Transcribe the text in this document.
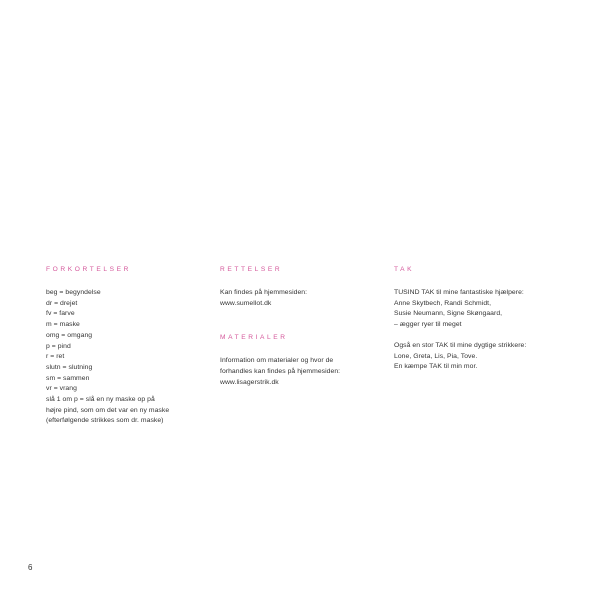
FORKORTELSER
beg = begyndelse
dr = drejet
fv = farve
m = maske
omg = omgang
p = pind
r = ret
slutn = slutning
sm = sammen
vr = vrang
slå 1 om p = slå en ny maske op på
højre pind, som om det var en ny maske
(efterfølgende strikkes som dr. maske)
RETTELSER
Kan findes på hjemmesiden:
www.sumellot.dk
MATERIALER
Information om materialer og hvor de
forhandles kan findes på hjemmesiden:
www.lisagerstrik.dk
TAK
TUSIND TAK til mine fantastiske hjælpere:
Anne Skytbech, Randi Schmidt,
Susie Neumann, Signe Skøngaard,
– ægger ryer til meget
Også en stor TAK til mine dygtige strikkere:
Lone, Greta, Lis, Pia, Tove.
En kæmpe TAK til min mor.
6
